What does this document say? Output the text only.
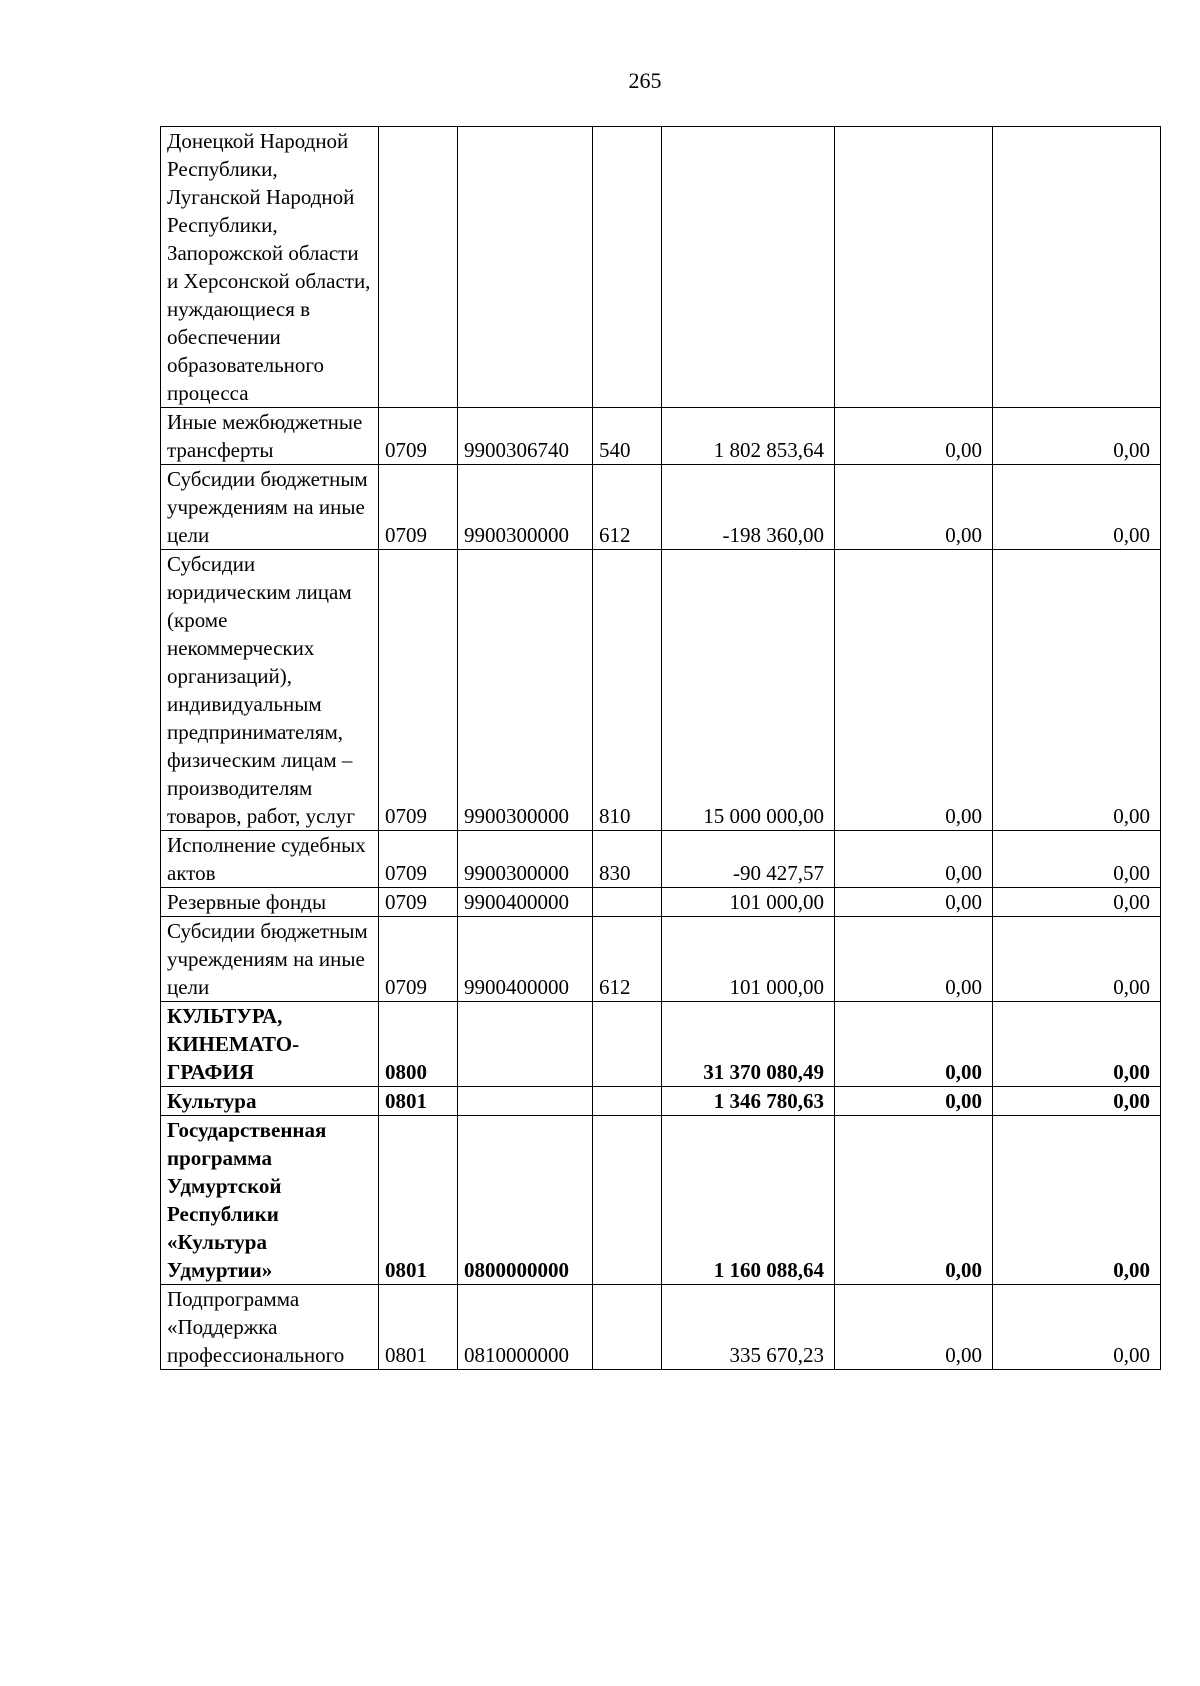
265
Донецкой Народной Республики, Луганской Народной Республики, Запорожской области и Херсонской области, нуждающиеся в обеспечении образовательного процесса						
Иные межбюджетные трансферты	0709	9900306740	540	1 802 853,64	0,00	0,00
Субсидии бюджетным учреждениям на иные цели	0709	9900300000	612	-198 360,00	0,00	0,00
Субсидии юридическим лицам (кроме некоммерческих организаций), индивидуальным предпринимателям, физическим лицам – производителям товаров, работ, услуг	0709	9900300000	810	15 000 000,00	0,00	0,00
Исполнение судебных актов	0709	9900300000	830	-90 427,57	0,00	0,00
Резервные фонды	0709	9900400000		101 000,00	0,00	0,00
Субсидии бюджетным учреждениям на иные цели	0709	9900400000	612	101 000,00	0,00	0,00
КУЛЬТУРА, КИНЕМАТО-ГРАФИЯ	0800			31 370 080,49	0,00	0,00
Культура	0801			1 346 780,63	0,00	0,00
Государственная программа Удмуртской Республики «Культура Удмуртии»	0801	0800000000		1 160 088,64	0,00	0,00
Подпрограмма «Поддержка профессионального	0801	0810000000		335 670,23	0,00	0,00
